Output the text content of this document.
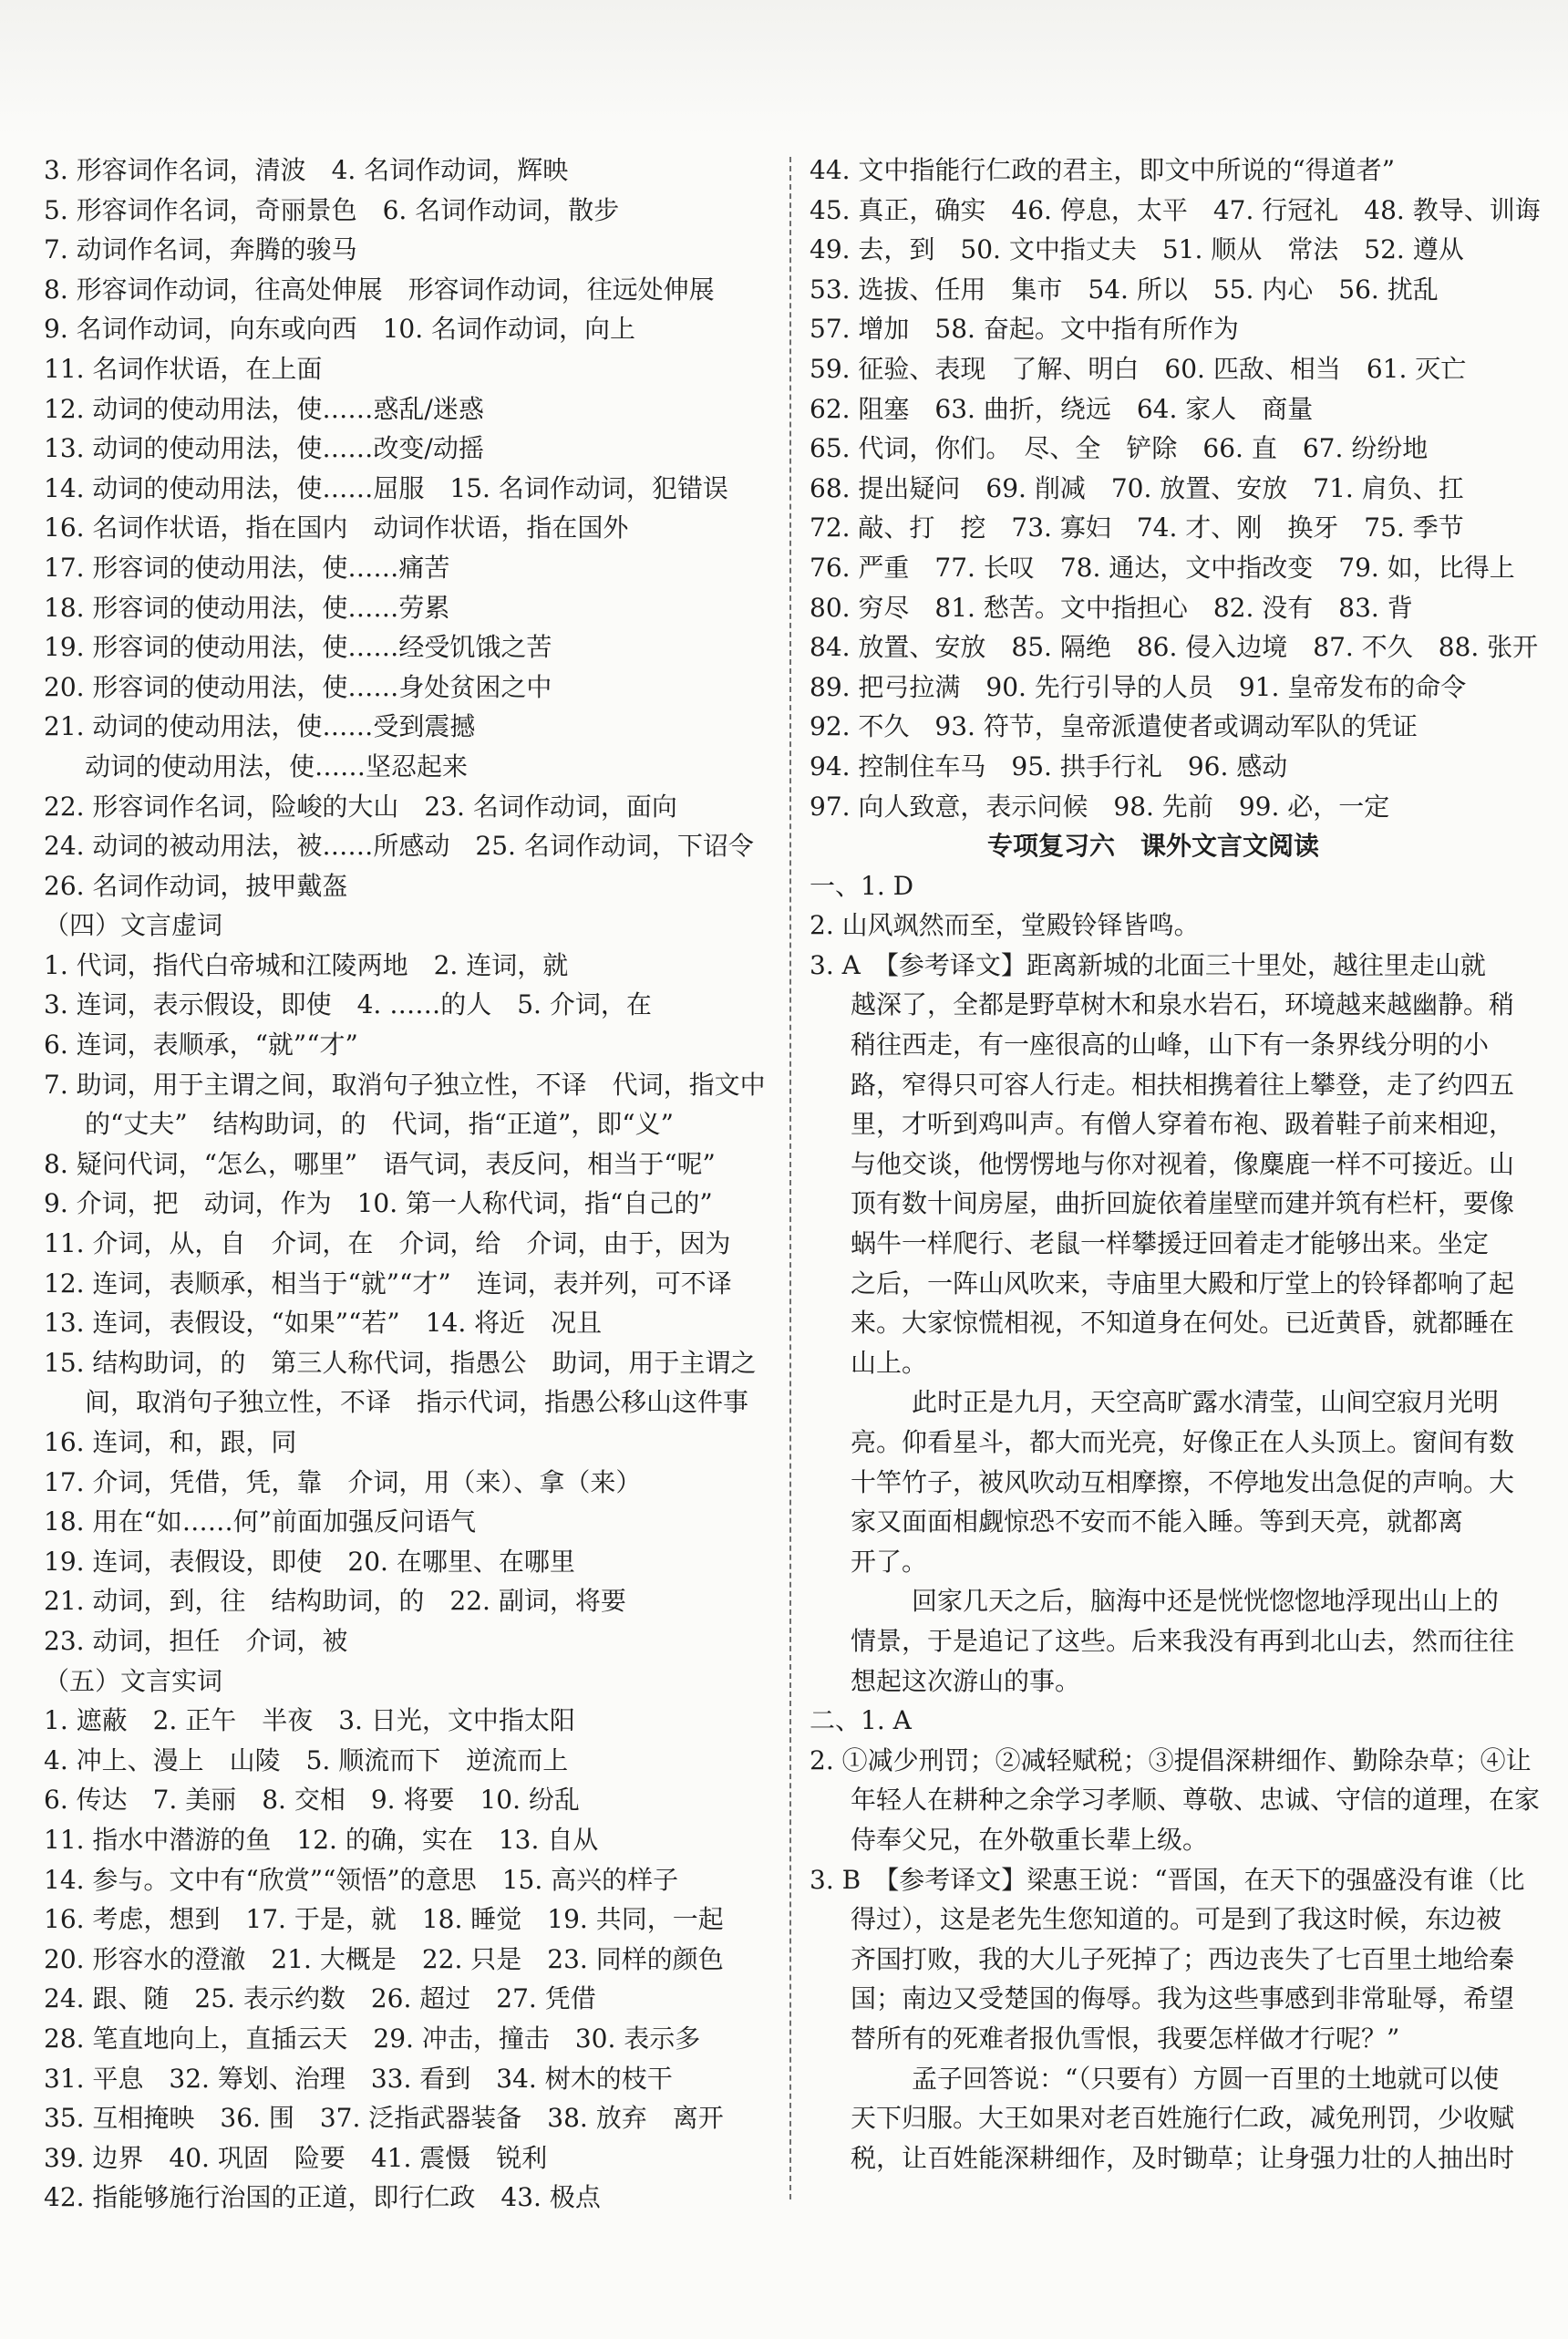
3. 形容词作名词，清波　4. 名词作动词，辉映
5. 形容词作名词，奇丽景色　6. 名词作动词，散步
7. 动词作名词，奔腾的骏马
8. 形容词作动词，往高处伸展　形容词作动词，往远处伸展
9. 名词作动词，向东或向西　10. 名词作动词，向上
11. 名词作状语，在上面
12. 动词的使动用法，使……惑乱/迷惑
13. 动词的使动用法，使……改变/动摇
14. 动词的使动用法，使……屈服　15. 名词作动词，犯错误
16. 名词作状语，指在国内　动词作状语，指在国外
17. 形容词的使动用法，使……痛苦
18. 形容词的使动用法，使……劳累
19. 形容词的使动用法，使……经受饥饿之苦
20. 形容词的使动用法，使……身处贫困之中
21. 动词的使动用法，使……受到震撼
动词的使动用法，使……坚忍起来
22. 形容词作名词，险峻的大山　23. 名词作动词，面向
24. 动词的被动用法，被……所感动　25. 名词作动词，下诏令
26. 名词作动词，披甲戴盔
（四）文言虚词
1. 代词，指代白帝城和江陵两地　2. 连词，就
3. 连词，表示假设，即使　4. ……的人　5. 介词，在
6. 连词，表顺承，“就”“才”
7. 助词，用于主谓之间，取消句子独立性，不译　代词，指文中
的“丈夫”　结构助词，的　代词，指“正道”，即“义”
8. 疑问代词，“怎么，哪里”　语气词，表反问，相当于“呢”
9. 介词，把　动词，作为　10. 第一人称代词，指“自己的”
11. 介词，从，自　介词，在　介词，给　介词，由于，因为
12. 连词，表顺承，相当于“就”“才”　连词，表并列，可不译
13. 连词，表假设，“如果”“若”　14. 将近　况且
15. 结构助词，的　第三人称代词，指愚公　助词，用于主谓之
间，取消句子独立性，不译　指示代词，指愚公移山这件事
16. 连词，和，跟，同
17. 介词，凭借，凭，靠　介词，用（来）、拿（来）
18. 用在“如……何”前面加强反问语气
19. 连词，表假设，即使　20. 在哪里、在哪里
21. 动词，到，往　结构助词，的　22. 副词，将要
23. 动词，担任　介词，被
（五）文言实词
1. 遮蔽　2. 正午　半夜　3. 日光，文中指太阳
4. 冲上、漫上　山陵　5. 顺流而下　逆流而上
6. 传达　7. 美丽　8. 交相　9. 将要　10. 纷乱
11. 指水中潜游的鱼　12. 的确，实在　13. 自从
14. 参与。文中有“欣赏”“领悟”的意思　15. 高兴的样子
16. 考虑，想到　17. 于是，就　18. 睡觉　19. 共同，一起
20. 形容水的澄澈　21. 大概是　22. 只是　23. 同样的颜色
24. 跟、随　25. 表示约数　26. 超过　27. 凭借
28. 笔直地向上，直插云天　29. 冲击，撞击　30. 表示多
31. 平息　32. 筹划、治理　33. 看到　34. 树木的枝干
35. 互相掩映　36. 围　37. 泛指武器装备　38. 放弃　离开
39. 边界　40. 巩固　险要　41. 震慑　锐利
42. 指能够施行治国的正道，即行仁政　43. 极点
44. 文中指能行仁政的君主，即文中所说的“得道者”
45. 真正，确实　46. 停息，太平　47. 行冠礼　48. 教导、训诲
49. 去，到　50. 文中指丈夫　51. 顺从　常法　52. 遵从
53. 选拔、任用　集市　54. 所以　55. 内心　56. 扰乱
57. 增加　58. 奋起。文中指有所作为
59. 征验、表现　了解、明白　60. 匹敌、相当　61. 灭亡
62. 阻塞　63. 曲折，绕远　64. 家人　商量
65. 代词，你们。　尽、全　铲除　66. 直　67. 纷纷地
68. 提出疑问　69. 削减　70. 放置、安放　71. 肩负、扛
72. 敲、打　挖　73. 寡妇　74. 才、刚　换牙　75. 季节
76. 严重　77. 长叹　78. 通达，文中指改变　79. 如，比得上
80. 穷尽　81. 愁苦。文中指担心　82. 没有　83. 背
84. 放置、安放　85. 隔绝　86. 侵入边境　87. 不久　88. 张开
89. 把弓拉满　90. 先行引导的人员　91. 皇帝发布的命令
92. 不久　93. 符节，皇帝派遣使者或调动军队的凭证
94. 控制住车马　95. 拱手行礼　96. 感动
97. 向人致意，表示问候　98. 先前　99. 必，一定
专项复习六　课外文言文阅读
一、1. D
2. 山风飒然而至，堂殿铃铎皆鸣。
3. A　【参考译文】距离新城的北面三十里处，越往里走山就
越深了，全都是野草树木和泉水岩石，环境越来越幽静。稍
稍往西走，有一座很高的山峰，山下有一条界线分明的小
路，窄得只可容人行走。相扶相携着往上攀登，走了约四五
里，才听到鸡叫声。有僧人穿着布袍、趿着鞋子前来相迎，
与他交谈，他愣愣地与你对视着，像麋鹿一样不可接近。山
顶有数十间房屋，曲折回旋依着崖壁而建并筑有栏杆，要像
蜗牛一样爬行、老鼠一样攀援迂回着走才能够出来。坐定
之后，一阵山风吹来，寺庙里大殿和厅堂上的铃铎都响了起
来。大家惊慌相视，不知道身在何处。已近黄昏，就都睡在
山上。
此时正是九月，天空高旷露水清莹，山间空寂月光明
亮。仰看星斗，都大而光亮，好像正在人头顶上。窗间有数
十竿竹子，被风吹动互相摩擦，不停地发出急促的声响。大
家又面面相觑惊恐不安而不能入睡。等到天亮，就都离
开了。
回家几天之后，脑海中还是恍恍惚惚地浮现出山上的
情景，于是追记了这些。后来我没有再到北山去，然而往往
想起这次游山的事。
二、1. A
2. ①减少刑罚；②减轻赋税；③提倡深耕细作、勤除杂草；④让
年轻人在耕种之余学习孝顺、尊敬、忠诚、守信的道理，在家
侍奉父兄，在外敬重长辈上级。
3. B　【参考译文】梁惠王说：“晋国，在天下的强盛没有谁（比
得过），这是老先生您知道的。可是到了我这时候，东边被
齐国打败，我的大儿子死掉了；西边丧失了七百里土地给秦
国；南边又受楚国的侮辱。我为这些事感到非常耻辱，希望
替所有的死难者报仇雪恨，我要怎样做才行呢？”
孟子回答说：“（只要有）方圆一百里的土地就可以使
天下归服。大王如果对老百姓施行仁政，减免刑罚，少收赋
税，让百姓能深耕细作，及时锄草；让身强力壮的人抽出时
